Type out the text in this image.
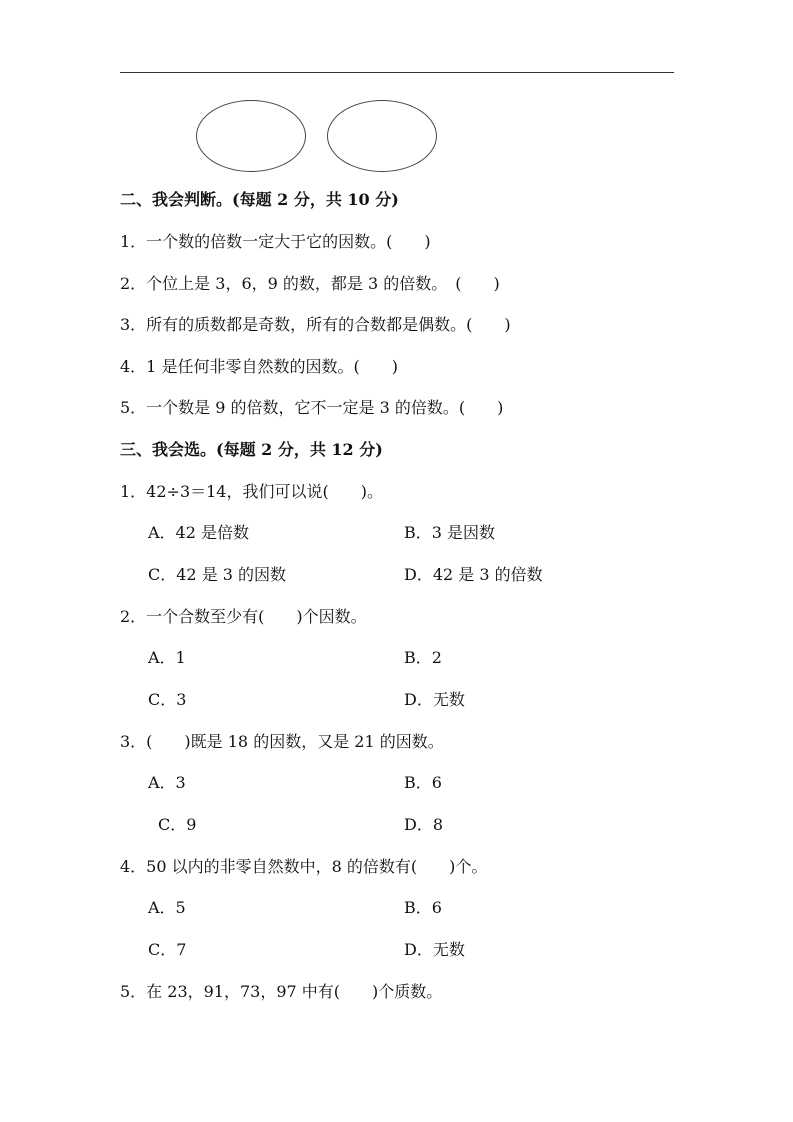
二、我会判断。(每题 2 分，共 10 分)
1．一个数的倍数一定大于它的因数。(　　)
2．个位上是 3，6，9 的数，都是 3 的倍数。　(　　)
3．所有的质数都是奇数，所有的合数都是偶数。(　　)
4．1 是任何非零自然数的因数。(　　)
5．一个数是 9 的倍数，它不一定是 3 的倍数。(　　)
三、我会选。(每题 2 分，共 12 分)
1．42÷3＝14，我们可以说(　　)。
A．42 是倍数	B．3 是因数
C．42 是 3 的因数	D．42 是 3 的倍数
2．一个合数至少有(　　)个因数。
A．1	B．2
C．3	D．无数
3．(　　)既是 18 的因数，又是 21 的因数。
A．3	B．6
C．9	D．8
4．50 以内的非零自然数中，8 的倍数有(　　)个。
A．5	B．6
C．7	D．无数
5．在 23，91，73，97 中有(　　)个质数。
